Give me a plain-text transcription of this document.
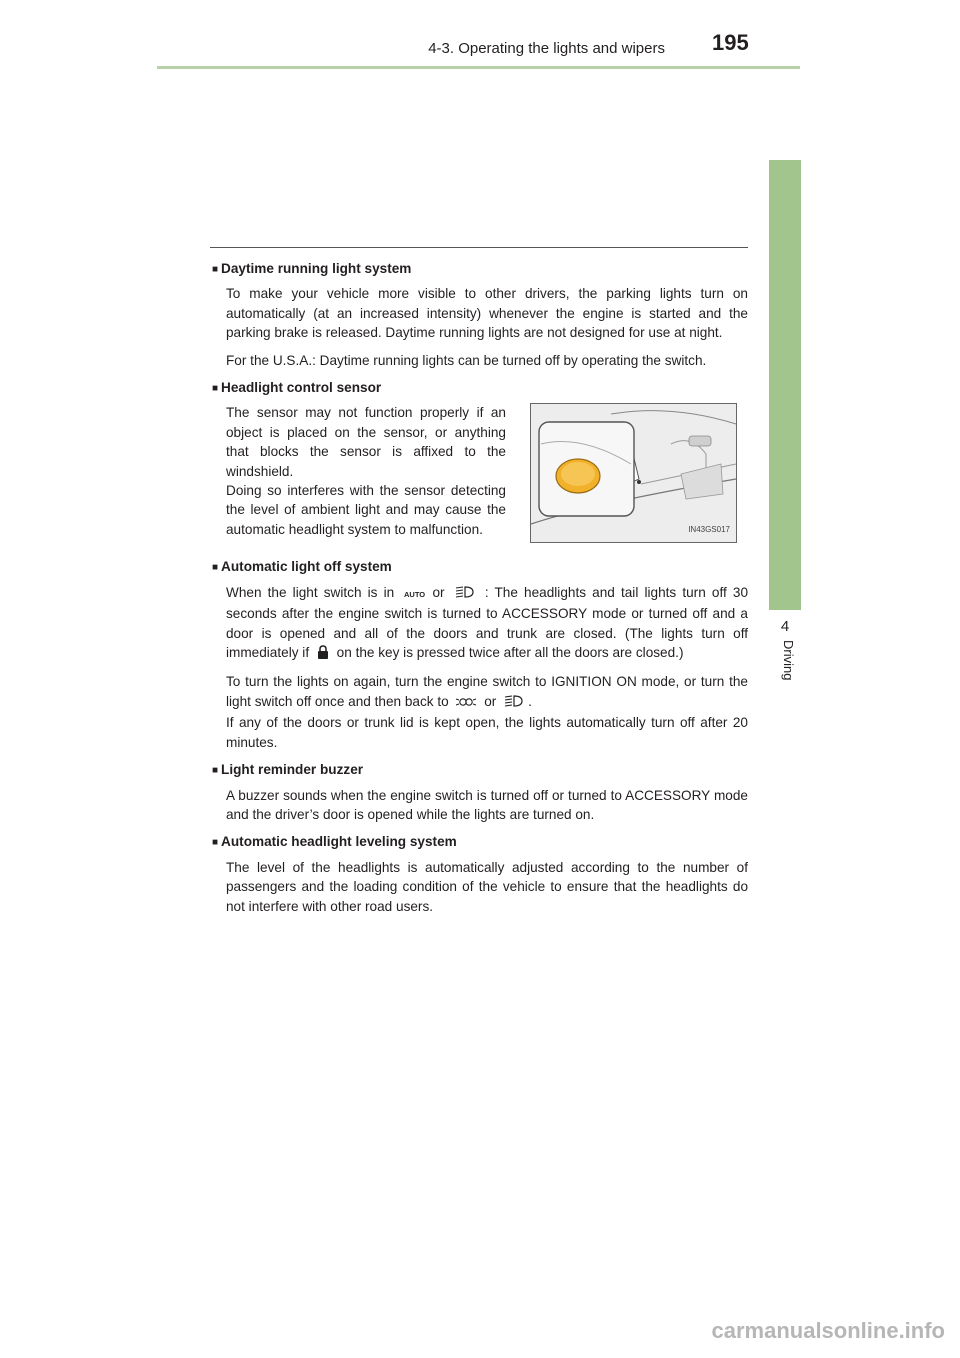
4-3. Operating the lights and wipers 195
4
Driving
■ Daytime running light system

To make your vehicle more visible to other drivers, the parking lights turn on automatically (at an increased intensity) whenever the engine is started and the parking brake is released. Daytime running lights are not designed for use at night.

For the U.S.A.: Daytime running lights can be turned off by operating the switch.

■ Headlight control sensor
The sensor may not function properly if an object is placed on the sensor, or anything that blocks the sensor is affixed to the windshield.
Doing so interferes with the sensor detecting the level of ambient light and may cause the automatic headlight system to malfunction.	IN43GS017
■ Automatic light off system

When the light switch is in AUTO or	: The headlights and tail lights turn off 30 seconds after the engine switch is turned to ACCESSORY mode or turned off and a door is opened and all of the doors and trunk are closed. (The lights turn off immediately if on the key is pressed twice after all the doors are closed.)

To turn the lights on again, turn the engine switch to IGNITION ON mode, or turn the light switch off once and then back to	or .

If any of the doors or trunk lid is kept open, the lights automatically turn off after 20 minutes.

■ Light reminder buzzer

A buzzer sounds when the engine switch is turned off or turned to ACCESSORY mode and the driver’s door is opened while the lights are turned on.

■ Automatic headlight leveling system

The level of the headlights is automatically adjusted according to the number of passengers and the loading condition of the vehicle to ensure that the headlights do not interfere with other road users.

carmanualsonline.info
